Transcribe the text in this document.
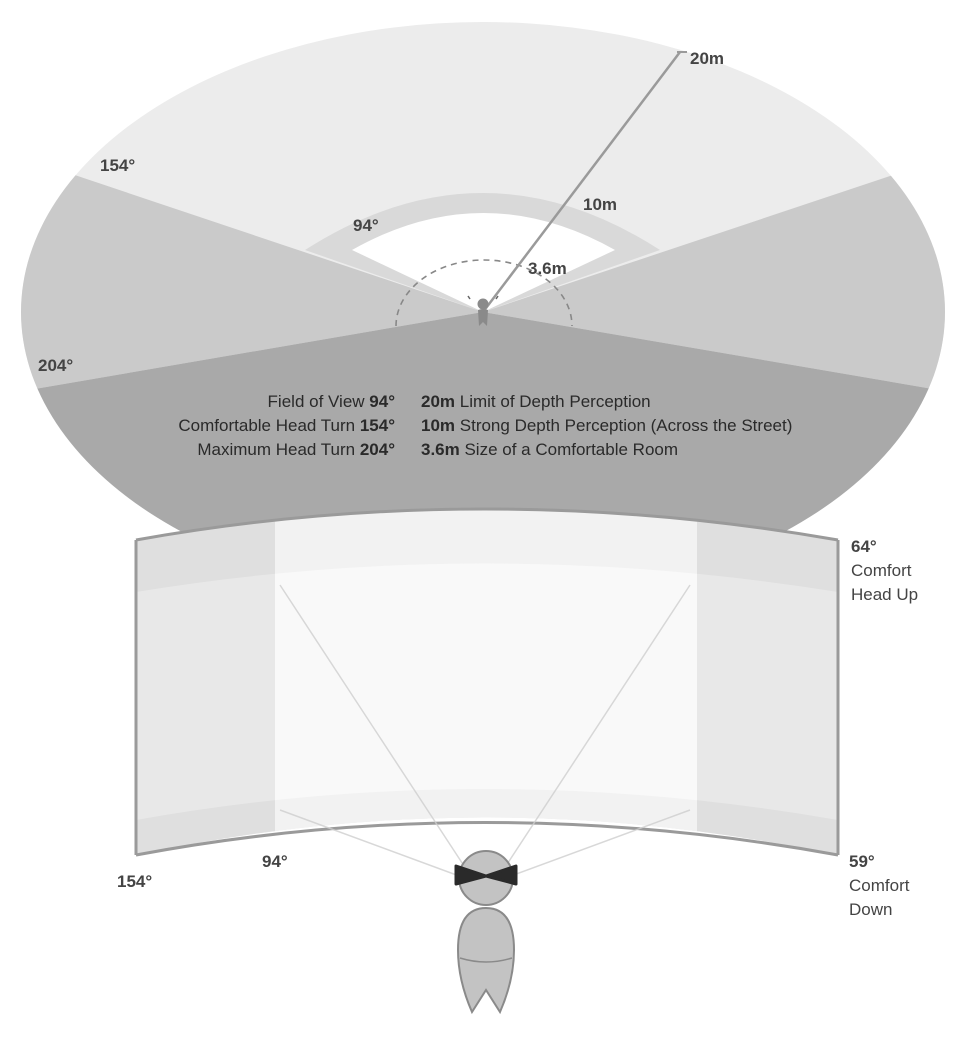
154°
94°
204°
20m
10m
3.6m
Field of View 94°
Comfortable Head Turn 154°
Maximum Head Turn 204°
20m Limit of Depth Perception
10m Strong Depth Perception (Across the Street)
3.6m Size of a Comfortable Room
154°
94°
64° Comfort Head Up
59° Comfort Down
